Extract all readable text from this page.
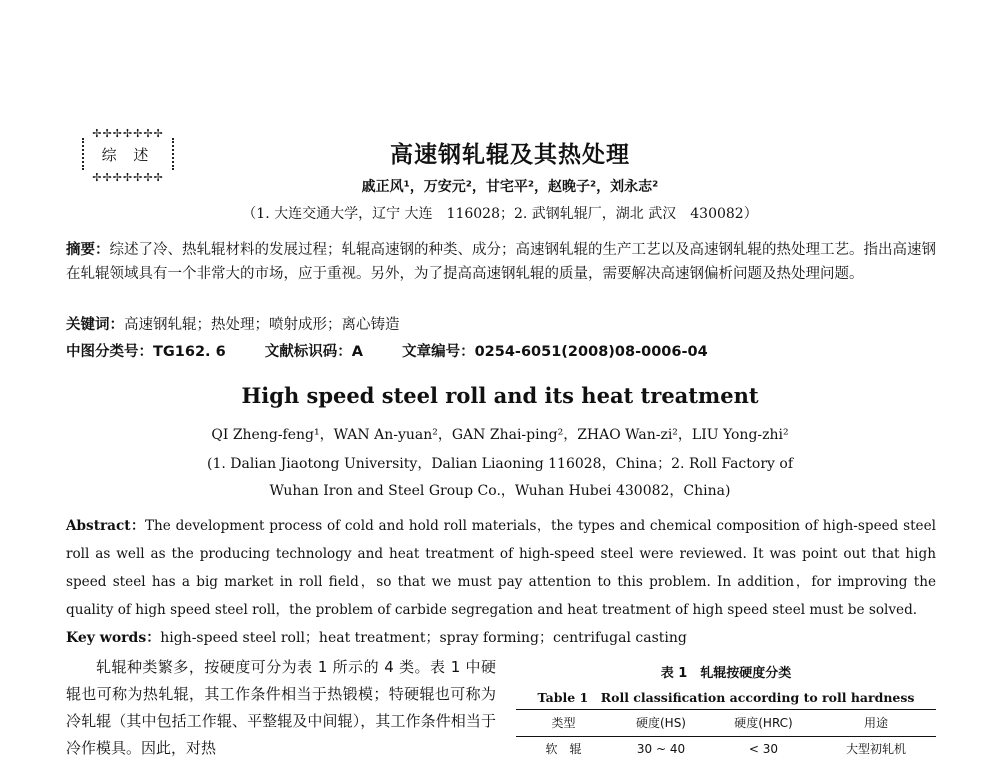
✢✢✢✢✢✢✢
综 述
✢✢✢✢✢✢✢
高速钢轧辊及其热处理
戚正风¹，万安元²，甘宅平²，赵晚子²，刘永志²
（1. 大连交通大学，辽宁 大连　116028；2. 武钢轧辊厂，湖北 武汉　430082）
摘要：综述了冷、热轧辊材料的发展过程；轧辊高速钢的种类、成分；高速钢轧辊的生产工艺以及高速钢轧辊的热处理工艺。指出高速钢在轧辊领域具有一个非常大的市场，应于重视。另外，为了提高高速钢轧辊的质量，需要解决高速钢偏析问题及热处理问题。
关键词：高速钢轧辊；热处理；喷射成形；离心铸造
中图分类号：TG162. 6	文献标识码：A	文章编号：0254-6051(2008)08-0006-04
High speed steel roll and its heat treatment
QI Zheng-feng¹，WAN An-yuan²，GAN Zhai-ping²，ZHAO Wan-zi²，LIU Yong-zhi²
(1. Dalian Jiaotong University，Dalian Liaoning 116028，China；2. Roll Factory of
Wuhan Iron and Steel Group Co.，Wuhan Hubei 430082，China)
Abstract：The development process of cold and hold roll materials，the types and chemical composition of high-speed steel roll as well as the producing technology and heat treatment of high-speed steel were reviewed. It was point out that high speed steel has a big market in roll field，so that we must pay attention to this problem. In addition，for improving the quality of high speed steel roll，the problem of carbide segregation and heat treatment of high speed steel must be solved.
Key words：high-speed steel roll；heat treatment；spray forming；centrifugal casting
轧辊种类繁多，按硬度可分为表 1 所示的 4 类。表 1 中硬辊也可称为热轧辊，其工作条件相当于热锻模；特硬辊也可称为冷轧辊（其中包括工作辊、平整辊及中间辊），其工作条件相当于冷作模具。因此，对热
表 1　轧辊按硬度分类
Table 1　Roll classification according to roll hardness
类型	硬度(HS)	硬度(HRC)	用途
软　辊	30 ~ 40	< 30	大型初轧机
